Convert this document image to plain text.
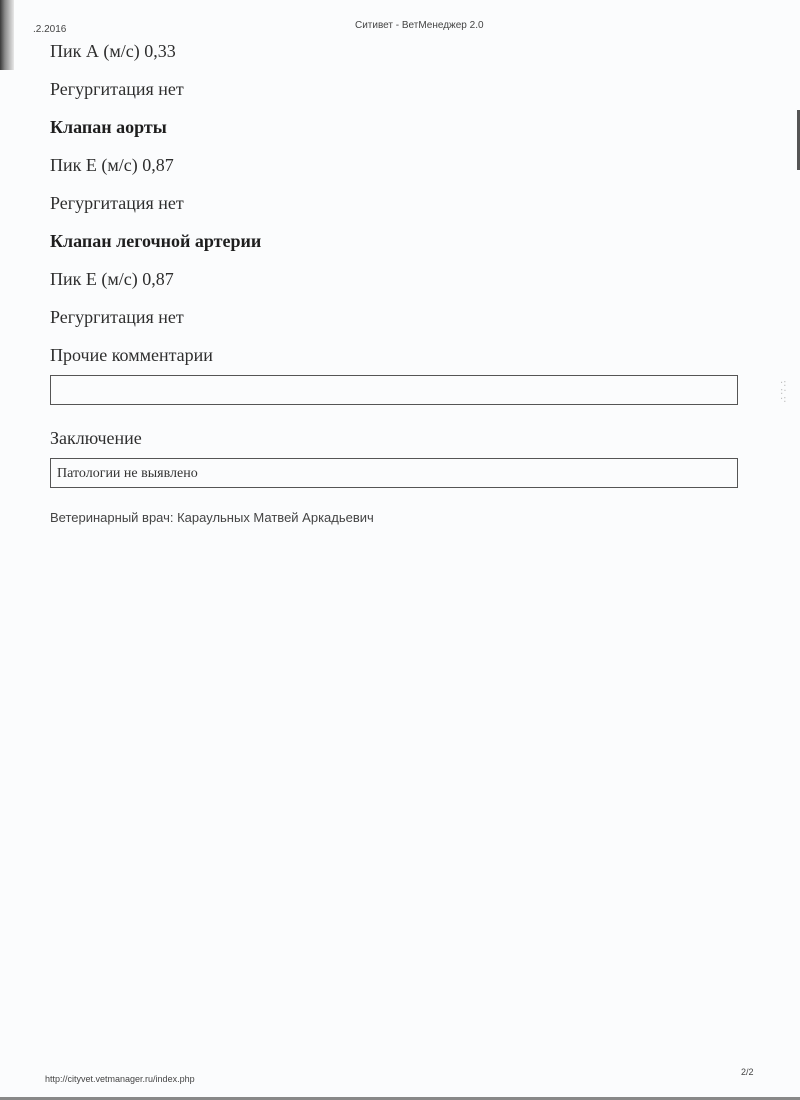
·:
:·
·:
.2.2016	Ситивет - ВетМенеджер 2.0
Пик А (м/с) 0,33
Регургитация нет
Клапан аорты
Пик Е (м/с) 0,87
Регургитация нет
Клапан легочной артерии
Пик Е (м/с) 0,87
Регургитация нет
Прочие комментарии
Заключение
Патологии не выявлено
Ветеринарный врач: Караульных Матвей Аркадьевич
http://cityvet.vetmanager.ru/index.php
2/2
